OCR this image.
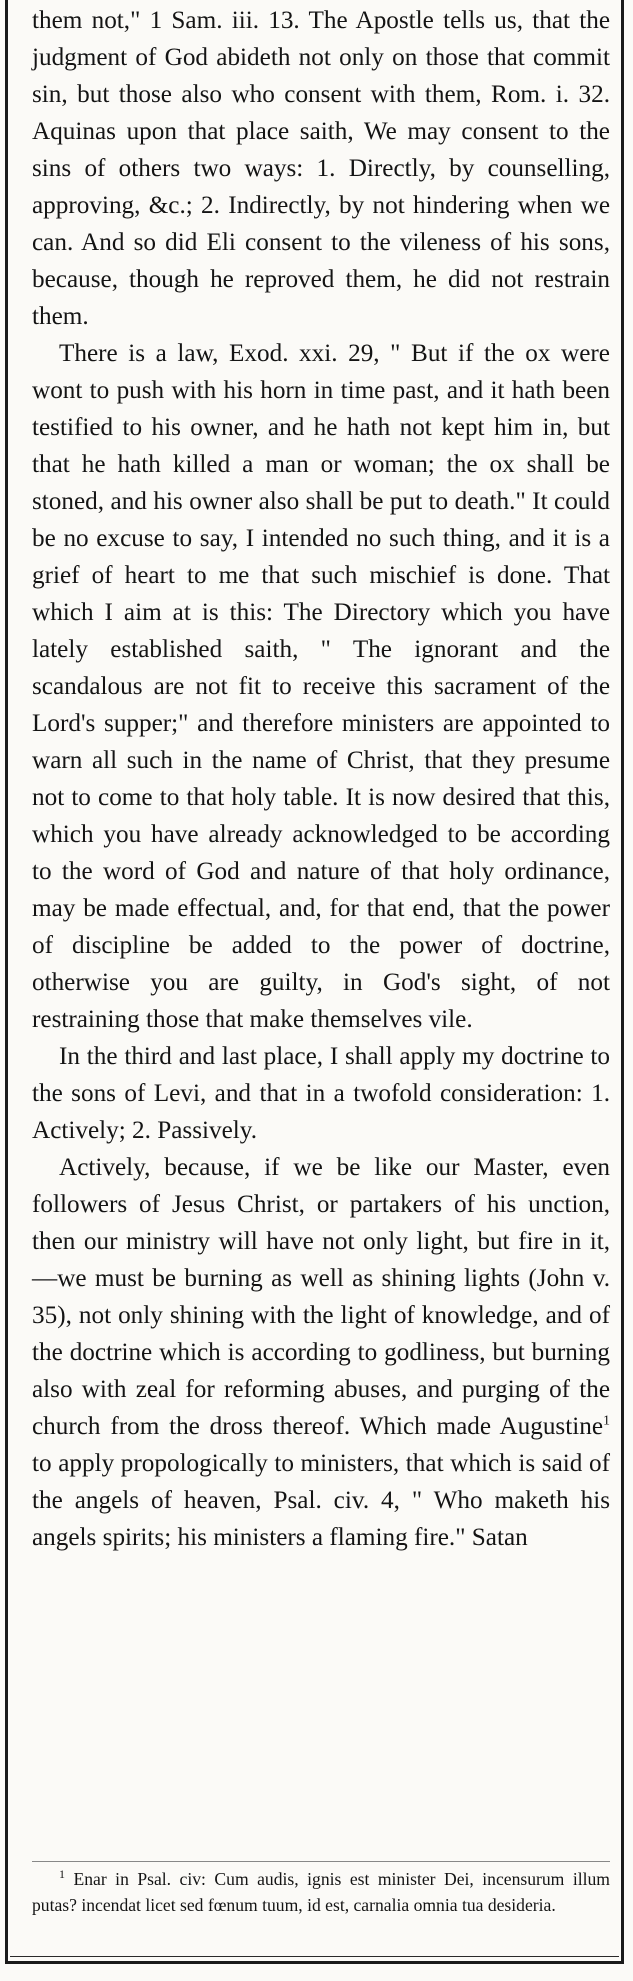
them not," 1 Sam. iii. 13. The Apostle tells us, that the judgment of God abideth not only on those that commit sin, but those also who consent with them, Rom. i. 32. Aquinas upon that place saith, We may consent to the sins of others two ways: 1. Directly, by counselling, approving, &c.; 2. Indirectly, by not hindering when we can. And so did Eli consent to the vileness of his sons, because, though he reproved them, he did not restrain them.

There is a law, Exod. xxi. 29, " But if the ox were wont to push with his horn in time past, and it hath been testified to his owner, and he hath not kept him in, but that he hath killed a man or woman; the ox shall be stoned, and his owner also shall be put to death." It could be no excuse to say, I intended no such thing, and it is a grief of heart to me that such mischief is done. That which I aim at is this: The Directory which you have lately established saith, " The ignorant and the scandalous are not fit to receive this sacrament of the Lord's supper;" and therefore ministers are appointed to warn all such in the name of Christ, that they presume not to come to that holy table. It is now desired that this, which you have already acknowledged to be according to the word of God and nature of that holy ordinance, may be made effectual, and, for that end, that the power of discipline be added to the power of doctrine, otherwise you are guilty, in God's sight, of not restraining those that make themselves vile.

In the third and last place, I shall apply my doctrine to the sons of Levi, and that in a twofold consideration: 1. Actively; 2. Passively.

Actively, because, if we be like our Master, even followers of Jesus Christ, or partakers of his unction, then our ministry will have not only light, but fire in it,—we must be burning as well as shining lights (John v. 35), not only shining with the light of knowledge, and of the doctrine which is according to godliness, but burning also with zeal for reforming abuses, and purging of the church from the dross thereof. Which made Augustine$^1$ to apply propologically to ministers, that which is said of the angels of heaven, Psal. civ. 4, " Who maketh his angels spirits; his ministers a flaming fire." Satan

$^1$ Enar in Psal. civ: Cum audis, ignis est minister Dei, incensurum illum putas? incendat licet sed fœnum tuum, id est, carnalia omnia tua desideria.
